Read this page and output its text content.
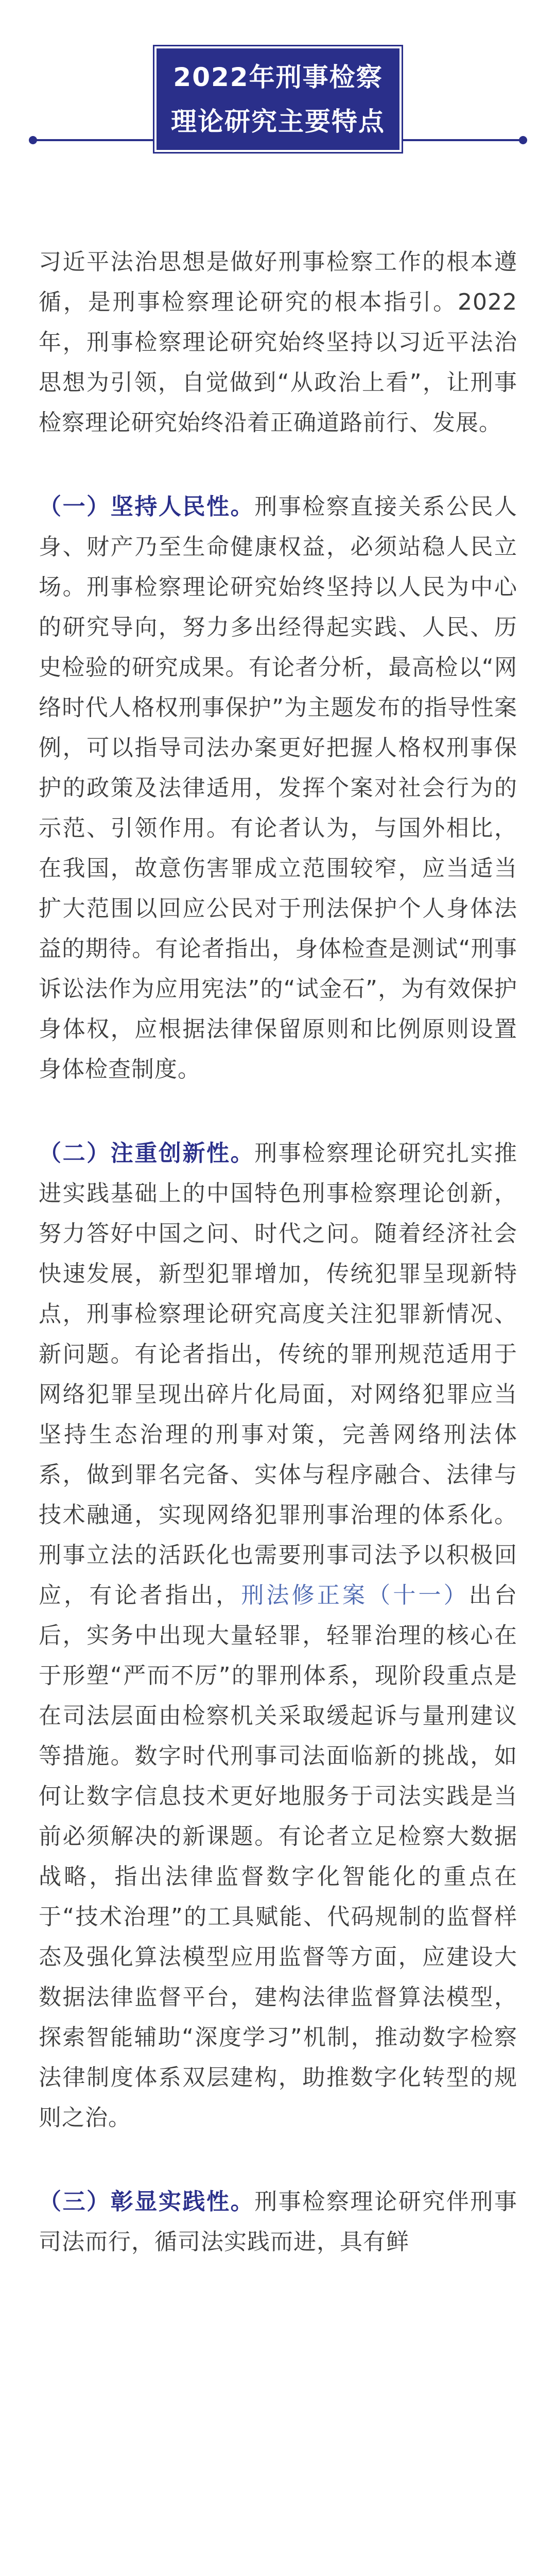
2022年刑事检察
理论研究主要特点

习近平法治思想是做好刑事检察工作的根本遵循，是刑事检察理论研究的根本指引。2022年，刑事检察理论研究始终坚持以习近平法治思想为引领，自觉做到“从政治上看”，让刑事检察理论研究始终沿着正确道路前行、发展。

（一）坚持人民性。刑事检察直接关系公民人身、财产乃至生命健康权益，必须站稳人民立场。刑事检察理论研究始终坚持以人民为中心的研究导向，努力多出经得起实践、人民、历史检验的研究成果。有论者分析，最高检以“网络时代人格权刑事保护”为主题发布的指导性案例，可以指导司法办案更好把握人格权刑事保护的政策及法律适用，发挥个案对社会行为的示范、引领作用。有论者认为，与国外相比，在我国，故意伤害罪成立范围较窄，应当适当扩大范围以回应公民对于刑法保护个人身体法益的期待。有论者指出，身体检查是测试“刑事诉讼法作为应用宪法”的“试金石”，为有效保护身体权，应根据法律保留原则和比例原则设置身体检查制度。

（二）注重创新性。刑事检察理论研究扎实推进实践基础上的中国特色刑事检察理论创新，努力答好中国之问、时代之问。随着经济社会快速发展，新型犯罪增加，传统犯罪呈现新特点，刑事检察理论研究高度关注犯罪新情况、新问题。有论者指出，传统的罪刑规范适用于网络犯罪呈现出碎片化局面，对网络犯罪应当坚持生态治理的刑事对策，完善网络刑法体系，做到罪名完备、实体与程序融合、法律与技术融通，实现网络犯罪刑事治理的体系化。刑事立法的活跃化也需要刑事司法予以积极回应，有论者指出，刑法修正案（十一）出台后，实务中出现大量轻罪，轻罪治理的核心在于形塑“严而不厉”的罪刑体系，现阶段重点是在司法层面由检察机关采取缓起诉与量刑建议等措施。数字时代刑事司法面临新的挑战，如何让数字信息技术更好地服务于司法实践是当前必须解决的新课题。有论者立足检察大数据战略，指出法律监督数字化智能化的重点在于“技术治理”的工具赋能、代码规制的监督样态及强化算法模型应用监督等方面，应建设大数据法律监督平台，建构法律监督算法模型，探索智能辅助“深度学习”机制，推动数字检察法律制度体系双层建构，助推数字化转型的规则之治。

（三）彰显实践性。刑事检察理论研究伴刑事司法而行，循司法实践而进，具有鲜
